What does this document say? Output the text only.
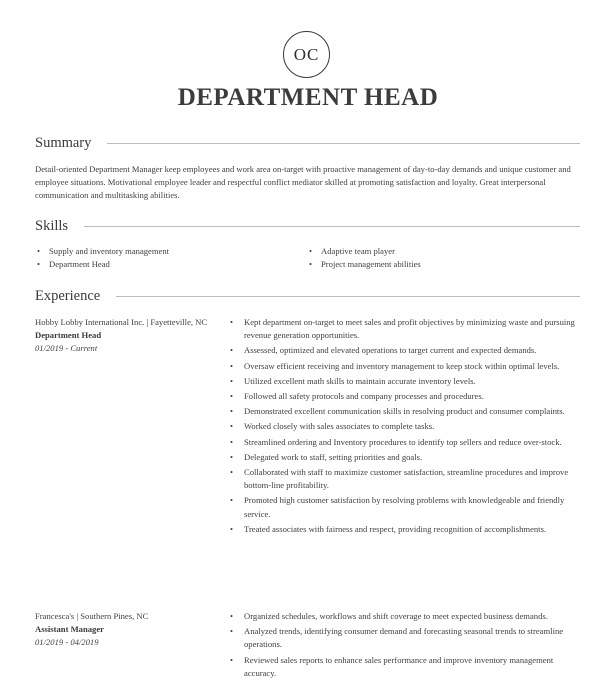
OC
DEPARTMENT HEAD
Summary
Detail-oriented Department Manager keep employees and work area on-target with proactive management of day-to-day demands and unique customer and employee situations. Motivational employee leader and respectful conflict mediator skilled at promoting satisfaction and loyalty. Great interpersonal communication and multitasking abilities.
Skills
• Supply and inventory management
• Department Head
• Adaptive team player
• Project management abilities
Experience
Hobby Lobby International Inc. | Fayetteville, NC
Department Head
01/2019 - Current
• Kept department on-target to meet sales and profit objectives by minimizing waste and pursuing revenue generation opportunities.
• Assessed, optimized and elevated operations to target current and expected demands.
• Oversaw efficient receiving and inventory management to keep stock within optimal levels.
• Utilized excellent math skills to maintain accurate inventory levels.
• Followed all safety protocols and company processes and procedures.
• Demonstrated excellent communication skills in resolving product and consumer complaints.
• Worked closely with sales associates to complete tasks.
• Streamlined ordering and Inventory procedures to identify top sellers and reduce over-stock.
• Delegated work to staff, setting priorities and goals.
• Collaborated with staff to maximize customer satisfaction, streamline procedures and improve bottom-line profitability.
• Promoted high customer satisfaction by resolving problems with knowledgeable and friendly service.
• Treated associates with fairness and respect, providing recognition of accomplishments.
Francesca's | Southern Pines, NC
Assistant Manager
01/2019 - 04/2019
• Organized schedules, workflows and shift coverage to meet expected business demands.
• Analyzed trends, identifying consumer demand and forecasting seasonal trends to streamline operations.
• Reviewed sales reports to enhance sales performance and improve inventory management accuracy.
